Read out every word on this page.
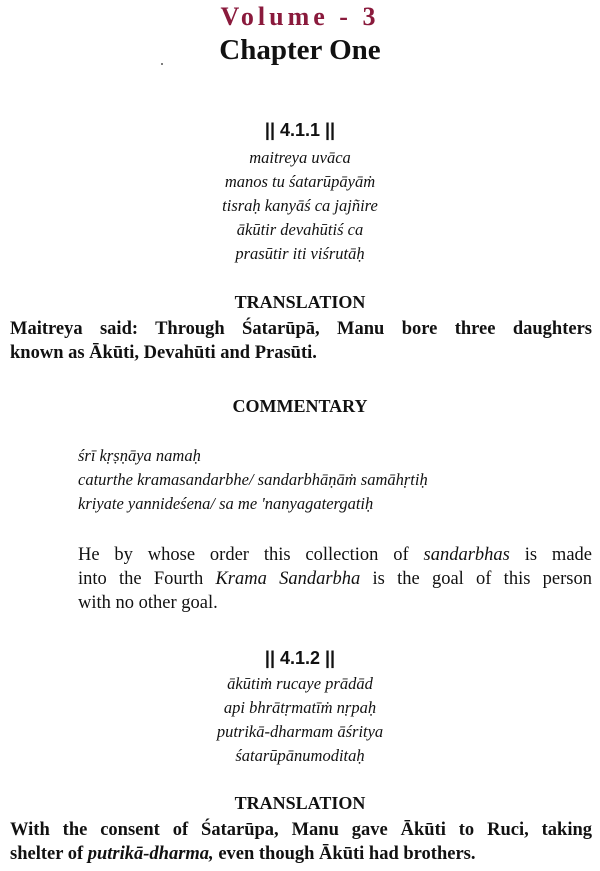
Volume - 3
Chapter One
|| 4.1.1 ||
maitreya uvāca
manos tu śatarūpāyāṁ
tisraḥ kanyāś ca jajñire
ākūtir devahūtiś ca
prasūtir iti viśrutāḥ
TRANSLATION
Maitreya said: Through Śatarūpā, Manu bore three daughters
known as Ākūti, Devahūti and Prasūti.
COMMENTARY
śrī kṛṣṇāya namaḥ
caturthe kramasandarbhe/ sandarbhāṇāṁ samāhṛtiḥ
kriyate yannideśena/ sa me 'nanyagatergatiḥ
He by whose order this collection of sandarbhas is made
into the Fourth Krama Sandarbha is the goal of this person
with no other goal.
|| 4.1.2 ||
ākūtiṁ rucaye prādād
api bhrātṛmatīṁ nṛpaḥ
putrikā-dharmam āśritya
śatarūpānumoditaḥ
TRANSLATION
With the consent of Śatarūpa, Manu gave Ākūti to Ruci, taking
shelter of putrikā-dharma, even though Ākūti had brothers.
